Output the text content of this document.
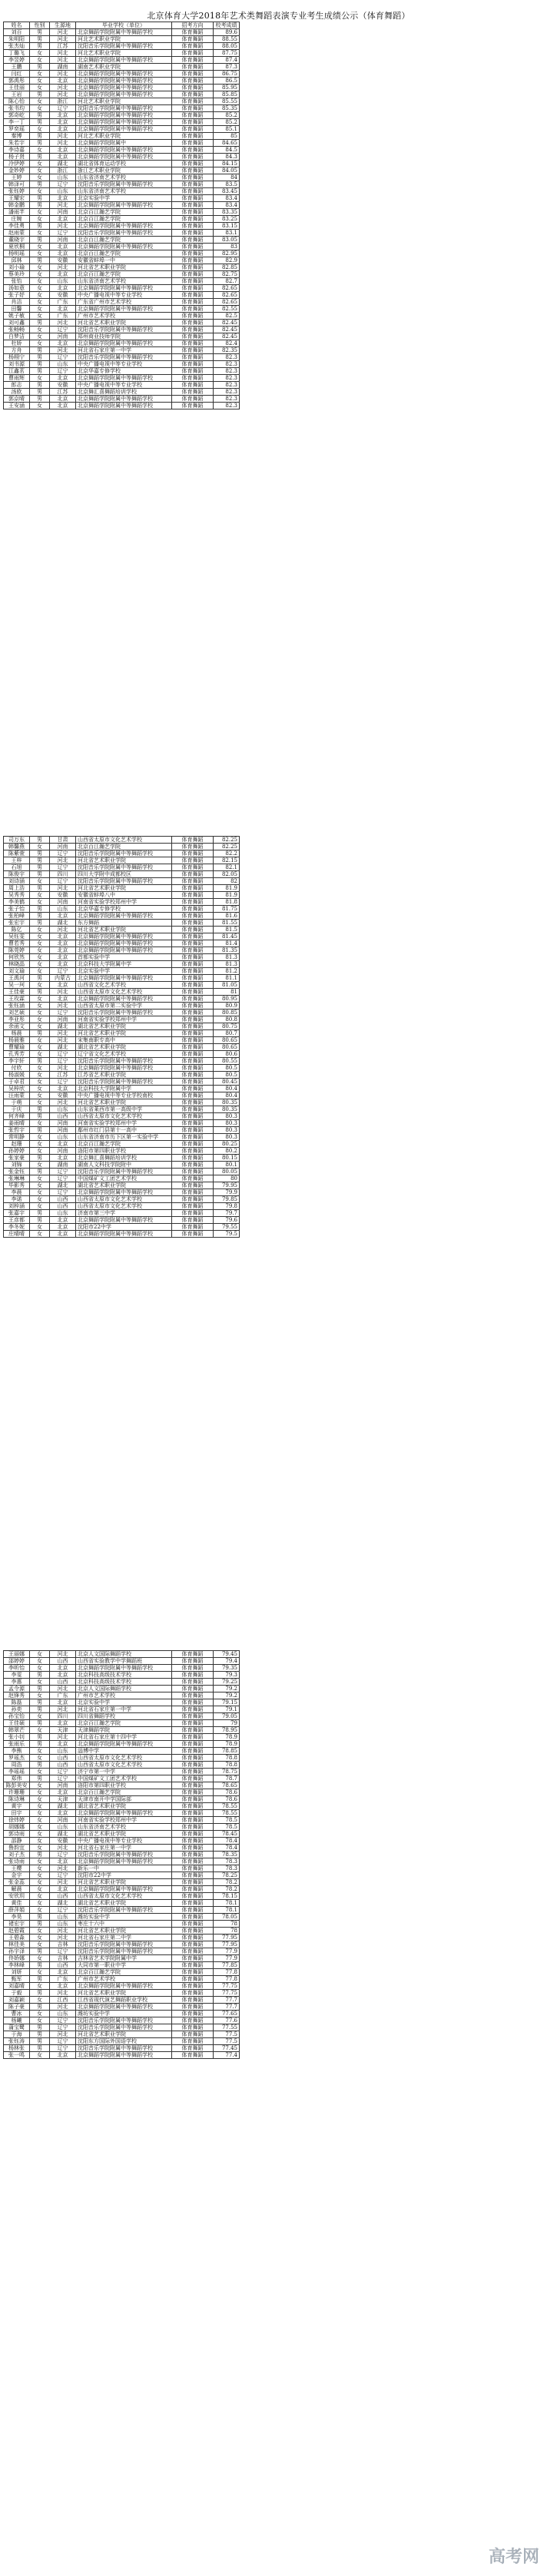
北京体育大学2018年艺术类舞蹈表演专业考生成绩公示（体育舞蹈）
姓名	性别	生源地	毕业学校（单位）	招考方向	校考成绩
刘百	男	河北	北京舞蹈学院附属中等舞蹈学校	体育舞蹈	89.6
朱明阳	男	河北	河北艺术职业学院	体育舞蹈	88.55
张杰灿	男	江苏	沈阳音乐学院附属中等舞蹈学校	体育舞蹈	88.05
丁璐飞	女	河北	河北艺术职业学院	体育舞蹈	87.75
李昱婷	女	河北	北京舞蹈学院附属中等舞蹈学校	体育舞蹈	87.4
王鹏	男	湖南	湖南艺术职业学院	体育舞蹈	87.3
闫红	女	河北	北京舞蹈学院附属中等舞蹈学校	体育舞蹈	86.75
郭禹彤	女	北京	北京舞蹈学院附属中等舞蹈学校	体育舞蹈	86.5
王佳丽	女	河北	北京舞蹈学院附属中等舞蹈学校	体育舞蹈	85.95
王岩	男	河北	北京舞蹈学院附属中等舞蹈学校	体育舞蹈	85.85
陈心怡	女	浙江	河北艺术职业学院	体育舞蹈	85.55
张书均	女	辽宁	沈阳音乐学院附属中等舞蹈学校	体育舞蹈	85.35
郭奇屹	男	北京	北京舞蹈学院附属中等舞蹈学校	体育舞蹈	85.2
李一丁	男	北京	北京舞蹈学院附属中等舞蹈学校	体育舞蹈	85.2
罗奕瑶	女	北京	北京舞蹈学院附属中等舞蹈学校	体育舞蹈	85.1
秦博	男	河北	河北艺术职业学院	体育舞蹈	85
朱若宇	男	河北	北京舞蹈学院附属中	体育舞蹈	84.65
李诗嘉	女	北京	北京舞蹈学院附属中等舞蹈学校	体育舞蹈	84.5
杨子贤	男	北京	北京舞蹈学院附属中等舞蹈学校	体育舞蹈	84.3
冷伊婷	女	湖北	湖北省体育运动学校	体育舞蹈	84.15
金妙婷	女	浙江	浙江艺术职业学院	体育舞蹈	84.05
王婷	女	山东	山东省济南艺术学校	体育舞蹈	84
韩泽可	男	辽宁	沈阳音乐学院附属中等舞蹈学校	体育舞蹈	83.5
张钰婷	女	山东	山东省济南艺术学校	体育舞蹈	83.45
王耀宏	男	北京	北京实验中学	体育舞蹈	83.4
韩金鹏	男	河北	北京舞蹈学院附属中等舞蹈学校	体育舞蹈	83.4
潘雨芊	女	河南	北京百江瀚艺学院	体育舞蹈	83.35
庄婉	女	北京	北京百江瀚艺学院	体育舞蹈	83.25
李佳勇	男	河北	北京舞蹈学院附属中等舞蹈学校	体育舞蹈	83.15
赵雨蒙	女	辽宁	沈阳音乐学院附属中等舞蹈学校	体育舞蹈	83.1
董晓宇	男	河南	北京百江瀚艺学院	体育舞蹈	83.05
夏欣桐	女	北京	北京舞蹈学院附属中等舞蹈学校	体育舞蹈	83
杨明瑶	女	北京	北京百江瀚艺学院	体育舞蹈	82.95
邱林	男	安徽	安徽省蚌埠一中	体育舞蹈	82.9
刘小瑜	女	河北	河北省艺术职业学院	体育舞蹈	82.85
蔡美玲	女	北京	北京百江瀚艺学院	体育舞蹈	82.75
张怡	女	山东	山东省济南艺术学校	体育舞蹈	82.7
汤如意	女	北京	北京舞蹈学院附属中等舞蹈学校	体育舞蹈	82.65
张子妤	女	安徽	中央广播电视中等专业学校	体育舞蹈	82.65
肖洁	女	广东	广东省广州市艺术学校	体育舞蹈	82.65
田馨	女	北京	北京舞蹈学院附属中等舞蹈学校	体育舞蹈	82.55
姚子敏	女	广东	广州市艺术学校	体育舞蹈	82.5
刘可鑫	男	河北	河北省艺术职业学院	体育舞蹈	82.45
张畅畅	女	辽宁	沈阳音乐学院附属中等舞蹈学校	体育舞蹈	82.45
白梦洁	女	河南	郑州商业技师学院	体育舞蹈	82.45
杜娇	女	北京	北京舞蹈学院附属中等舞蹈学校	体育舞蹈	82.4
方舟	男	河北	河北省石家庄第一中学	体育舞蹈	82.35
杨栩宁	男	辽宁	沈阳音乐学院附属中等舞蹈学校	体育舞蹈	82.3
刘书源	男	山东	中央广播电视中等专业学校	体育舞蹈	82.3
江鑫茗	男	辽宁	北京华嘉专修学校	体育舞蹈	82.3
曹雨辉	女	北京	北京舞蹈学院附属中等舞蹈学校	体育舞蹈	82.3
郎志	男	安徽	中央广播电视中等专业学校	体育舞蹈	82.3
汤欧	男	江苏	北京舞汇喜舞蹈培训学校	体育舞蹈	82.3
郭京晴	男	北京	北京舞蹈学院附属中等舞蹈学校	体育舞蹈	82.3
王安涵	女	北京	北京舞蹈学院附属中等舞蹈学校	体育舞蹈	82.3
司万东	男	甘肃	山西省太原市文化艺术学校	体育舞蹈	82.25
韩馨燕	女	河南	北京百江瀚艺学院	体育舞蹈	82.25
陈紫萱	男	辽宁	沈阳音乐学院附属中等舞蹈学校	体育舞蹈	82.2
王梓	男	河北	河北省艺术职业学院	体育舞蹈	82.15
石旭	男	辽宁	沈阳音乐学院附属中等舞蹈学校	体育舞蹈	82.1
陈俊宇	男	四川	四川大学附中成都校区	体育舞蹈	82.05
刘诗涵	女	辽宁	沈阳音乐学院附属中等舞蹈学校	体育舞蹈	82
周上浩	男	河北	河北省艺术职业学院	体育舞蹈	81.9
吴秀秀	女	安徽	安徽省蚌埠八中	体育舞蹈	81.9
李美鹤	女	河南	河南省实验学校郑州中学	体育舞蹈	81.8
张子怡	男	山东	北京华嘉专修学校	体育舞蹈	81.75
张柏峰	男	北京	北京舞蹈学院附属中等舞蹈学校	体育舞蹈	81.6
张宏宇	男	湖北	东方舞蹈	体育舞蹈	81.55
陈亿	女	河北	河北省艺术职业学院	体育舞蹈	81.5
吴钰雯	女	北京	北京舞蹈学院附属中等舞蹈学校	体育舞蹈	81.45
曹若秀	女	北京	北京舞蹈学院附属中等舞蹈学校	体育舞蹈	81.4
陈莞婷	女	北京	北京舞蹈学院附属中等舞蹈学校	体育舞蹈	81.35
何欣然	女	北京	首都实验中学	体育舞蹈	81.3
林晓晶	女	北京	北京科技大学附属中学	体育舞蹈	81.3
刘文瑜	女	辽宁	北京实验中学	体育舞蹈	81.2
王禹河	男	内蒙古	北京舞蹈学院附属中等舞蹈学校	体育舞蹈	81.1
吴一珂	女	北京	山西省文化艺术学校	体育舞蹈	81.05
王佳豪	男	河北	山西省太原市文化艺术学校	体育舞蹈	81
王玫霖	女	北京	北京舞蹈学院附属中等舞蹈学校	体育舞蹈	80.95
张钰涵	女	河北	山西省太原市第二实验中学	体育舞蹈	80.9
刘艺硕	女	辽宁	沈阳音乐学院附属中等舞蹈学校	体育舞蹈	80.85
李亚彤	女	河南	河南省实验学校郑州中学	体育舞蹈	80.8
余函文	女	湖北	湖北省艺术职业学院	体育舞蹈	80.75
杨晨	男	河北	河北省艺术职业学院	体育舞蹈	80.7
杨晨雅	女	河北	宋集南职专高中	体育舞蹈	80.65
曹耀瑜	女	湖北	湖北省艺术职业学院	体育舞蹈	80.65
孔秀芳	女	辽宁	辽宁省文化艺术学校	体育舞蹈	80.6
李宇轩	男	辽宁	沈阳音乐学院附属中等舞蹈学校	体育舞蹈	80.55
付欣	女	河北	北京舞蹈学院附属中等舞蹈学校	体育舞蹈	80.5
杨淑媛	女	江苏	江苏省艺术职业学院	体育舞蹈	80.5
于卓君	女	辽宁	沈阳音乐学院附属中等舞蹈学校	体育舞蹈	80.45
吴梓欣	女	北京	北京科技大学附属中学	体育舞蹈	80.4
汪雨蒙	女	安徽	中央广播电视中等专业学校南校	体育舞蹈	80.4
于萌	女	河北	河北省艺术职业学院	体育舞蹈	80.35
于庆	男	山东	山东省莱西市第一高级中学	体育舞蹈	80.35
何齐峰	男	山西	山西省太原市文化艺术学校	体育舞蹈	80.3
姜雨晴	女	河南	河南省实验学校郑州中学	体育舞蹈	80.3
张哲宇	男	河南	鄢州市红门县第十一高中	体育舞蹈	80.3
常明静	女	山东	山东省济南市历下区第一实验中学	体育舞蹈	80.3
赵珊	女	北京	北京百江瀚艺学院	体育舞蹈	80.25
孙婷婷	女	河南	洛阳市第四职业学校	体育舞蹈	80.2
张家豪	男	北京	北京舞汇喜舞蹈培训学校	体育舞蹈	80.15
刘锦	女	湖南	湖南人文科技学院附中	体育舞蹈	80.1
张金钰	男	辽宁	沈阳音乐学院附属中等舞蹈学校	体育舞蹈	80.05
张琳琳	女	辽宁	中国煤矿文工团艺术学校	体育舞蹈	80
毕影秀	女	湖北	湖北省艺术职业学院	体育舞蹈	79.95
李晨	女	辽宁	北京舞蹈学院附属中等舞蹈学校	体育舞蹈	79.9
李诺	女	山西	山西省太原市文化艺术学校	体育舞蹈	79.85
刘梓涵	女	山西	山西省太原市文化艺术学校	体育舞蹈	79.8
张嘉宇	男	山东	济南市第三中学	体育舞蹈	79.7
王彦都	男	北京	北京舞蹈学院附属中等舞蹈学校	体育舞蹈	79.6
李冬妮	女	北京	沈阳市22中学	体育舞蹈	79.55
庄晴晴	女	北京	北京舞蹈学院附属中等舞蹈学校	体育舞蹈	79.5
王丽娜	女	河北	北京人文国际舞蹈学校	体育舞蹈	79.45
邵婷婷	女	山西	山西省实验教学中学舞蹈班	体育舞蹈	79.4
李昕怡	女	北京	北京舞蹈学院附属中等舞蹈学校	体育舞蹈	79.35
李雯	男	北京	北京科技高级技术学校	体育舞蹈	79.3
李惠	女	山西	北京科技高级技术学校	体育舞蹈	79.25
孟令源	男	河北	北京人文国际舞蹈学校	体育舞蹈	79.2
赵锋秀	女	广东	广州市艺术学校	体育舞蹈	79.2
陈磊	男	北京	北京实验中学	体育舞蹈	79.15
孙奕	男	河北	河北省石家庄第一中学	体育舞蹈	79.1
孙宝怡	女	四川	四川省舞蹈学校	体育舞蹈	79.05
王佳硕	男	北京	北京百江瀚艺学院	体育舞蹈	79
韩翠芒	女	天津	天津舞蹈学院	体育舞蹈	78.95
张小钊	男	河北	河北省石家庄第十四中学	体育舞蹈	78.9
张雨乐	男	北京	北京舞蹈学院附属中等舞蹈学校	体育舞蹈	78.9
李熊	女	山东	淄博中学	体育舞蹈	78.85
罗瑶杰	女	山西	山西省太原市文化艺术学校	体育舞蹈	78.8
周浩	男	山西	山西省太原市文化艺术学校	体育舞蹈	78.8
李瑶瑶	女	辽宁	济宁市第一中学	体育舞蹈	78.75
郑伟	男	辽宁	中国煤矿文工团艺术学校	体育舞蹈	78.7
陈彭美安	女	河南	洛阳市第四职业学校	体育舞蹈	78.65
许珊珊	女	北京	北京百江瀚艺学院	体育舞蹈	78.6
陈诗琳	女	天津	天津市南开中学国际部	体育舞蹈	78.6
黄宇	女	湖北	湖北省艺术职业学院	体育舞蹈	78.55
田宇	女	北京	北京舞蹈学院附属中等舞蹈学校	体育舞蹈	78.55
徐炜婷	女	河南	河南省实验学校郑州中学	体育舞蹈	78.5
胡娜娜	女	山东	山东省济南艺术学校	体育舞蹈	78.5
郭诗雨	女	湖北	湖北省艺术职业学院	体育舞蹈	78.45
邵静	女	安徽	中央广播电视中等专业学校	体育舞蹈	78.4
鲁韵宜	女	河北	河北省石家庄第一中学	体育舞蹈	78.4
刘子杰	男	辽宁	沈阳音乐学院附属中等舞蹈学校	体育舞蹈	78.35
张诗雨	女	北京	北京舞蹈学院附属中等舞蹈学校	体育舞蹈	78.3
王樱	女	河北	新乐一中	体育舞蹈	78.3
金宇	女	辽宁	沈阳市22中学	体育舞蹈	78.25
张金蕊	女	河北	河北省艺术职业学院	体育舞蹈	78.2
解晨	女	北京	北京舞蹈学院附属中等舞蹈学校	体育舞蹈	78.2
安欣玥	女	山西	山西省太原市文化艺术学校	体育舞蹈	78.15
黄佳	女	湖北	湖北省艺术职业学院	体育舞蹈	78.1
薛萍娟	女	辽宁	沈阳音乐学院附属中等舞蹈学校	体育舞蹈	78.1
李昊	男	山东	潍坊实验中学	体育舞蹈	78.05
褚宏宇	男	山东	枣庄十六中	体育舞蹈	78
赵碧霞	女	河北	河北省艺术职业学院	体育舞蹈	78
王碧淼	女	河北	河北省石家庄第二中学	体育舞蹈	77.95
林佳美	女	吉林	沈阳音乐学院附属中等舞蹈学校	体育舞蹈	77.95
孙宇泽	男	辽宁	沈阳音乐学院附属中等舞蹈学校	体育舞蹈	77.9
佟娇娜	女	吉林	吉林省艺术学院附属中学	体育舞蹈	77.9
李林峰	男	山西	大同市第一职业中学	体育舞蹈	77.85
刘妍	女	北京	北京百江瀚艺学院	体育舞蹈	77.8
甄军	男	广东	广州市艺术学校	体育舞蹈	77.8
刘嘉晴	女	北京	北京舞蹈学院附属中等舞蹈学校	体育舞蹈	77.75
于毅	男	河北	河北省艺术职业学院	体育舞蹈	77.75
刘嘉颖	女	江西	江西省现代演艺舞蹈职业学校	体育舞蹈	77.7
陈子豪	男	河北	北京舞蹈学院附属中等舞蹈学校	体育舞蹈	77.7
曹冰	女	山东	潍坊实验中学	体育舞蹈	77.65
杨曦	女	辽宁	沈阳音乐学院附属中等舞蹈学校	体育舞蹈	77.6
蒲宝鹭	男	辽宁	沈阳音乐学院附属中等舞蹈学校	体育舞蹈	77.55
于海	男	河北	河北省艺术职业学院	体育舞蹈	77.5
张钰涛	男	辽宁	沈阳东方国际外国语学校	体育舞蹈	77.5
杨林张	男	辽宁	沈阳音乐学院附属中等舞蹈学校	体育舞蹈	77.45
张一鸣	女	北京	北京舞蹈学院附属中等舞蹈学校	体育舞蹈	77.4
高考网
